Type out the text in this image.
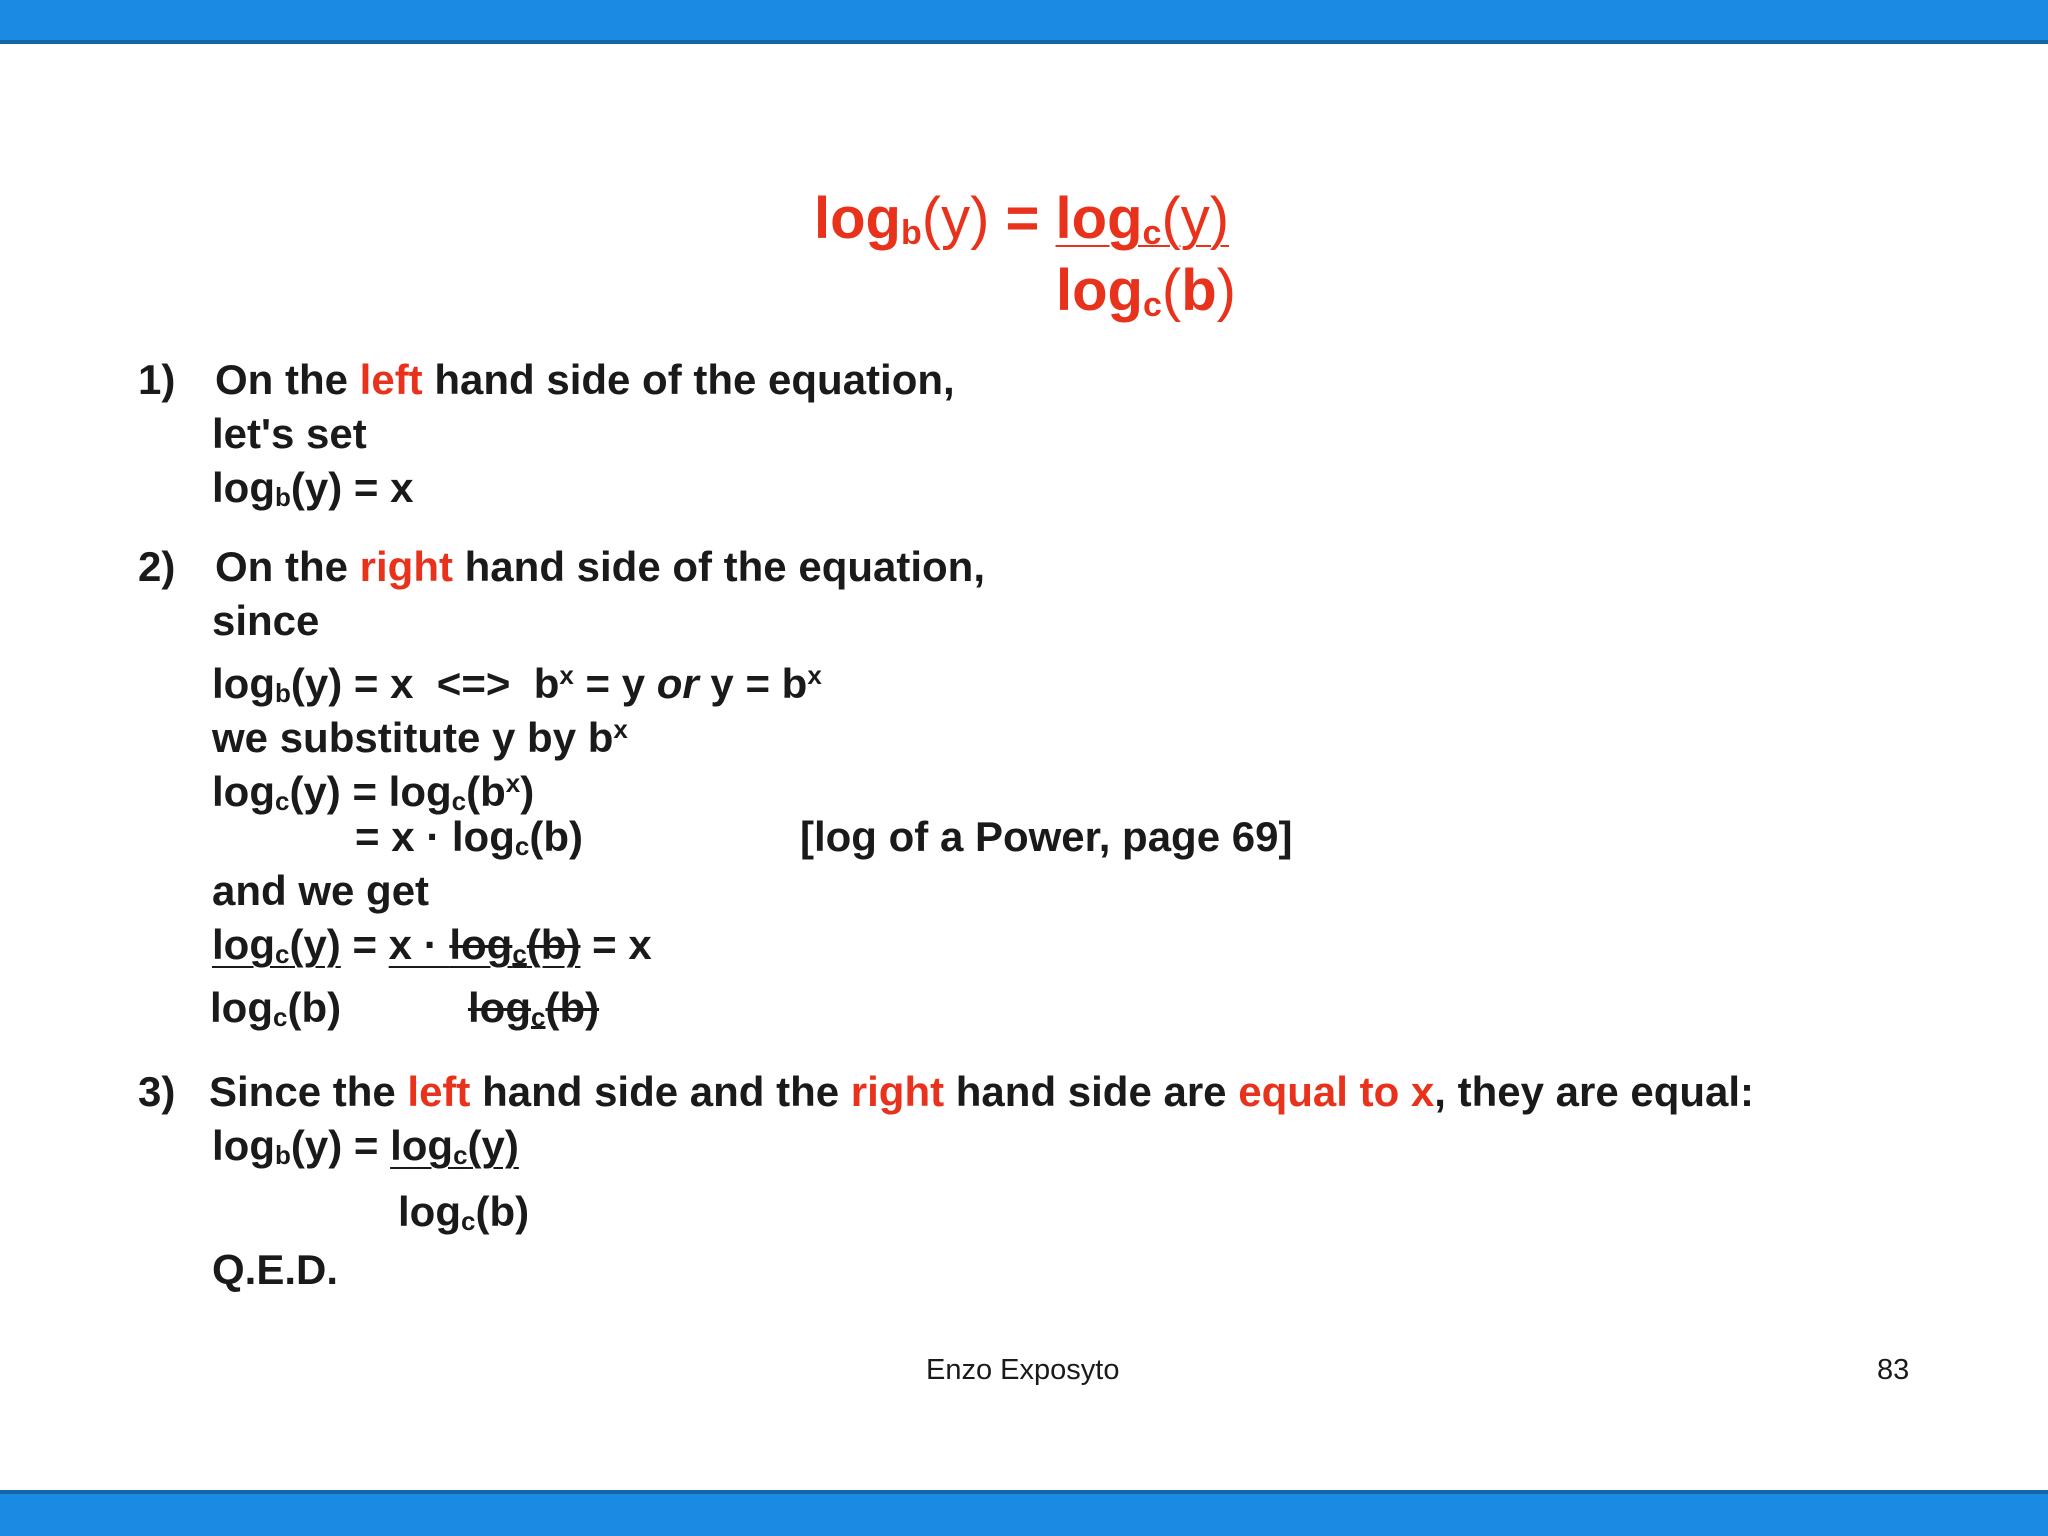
logb(y) = logc(y)
logc(b)
1) On the left hand side of the equation,
let's set
logb(y) = x
2) On the right hand side of the equation,
since
logb(y) = x <=> $b^x = y$ or $y = b^x$
we substitute y by $b^x$
$\log c(y) = \log c(b^x)$
= x · logc(b)	[log of a Power, page 69]
and we get
logc(y) = x · logc(b) = x
logc(b)	logc(b)
3) Since the left hand side and the right hand side are equal to x, they are equal:
logb(y) = logc(y)
logc(b)
Q.E.D.
Enzo Exposyto	83
